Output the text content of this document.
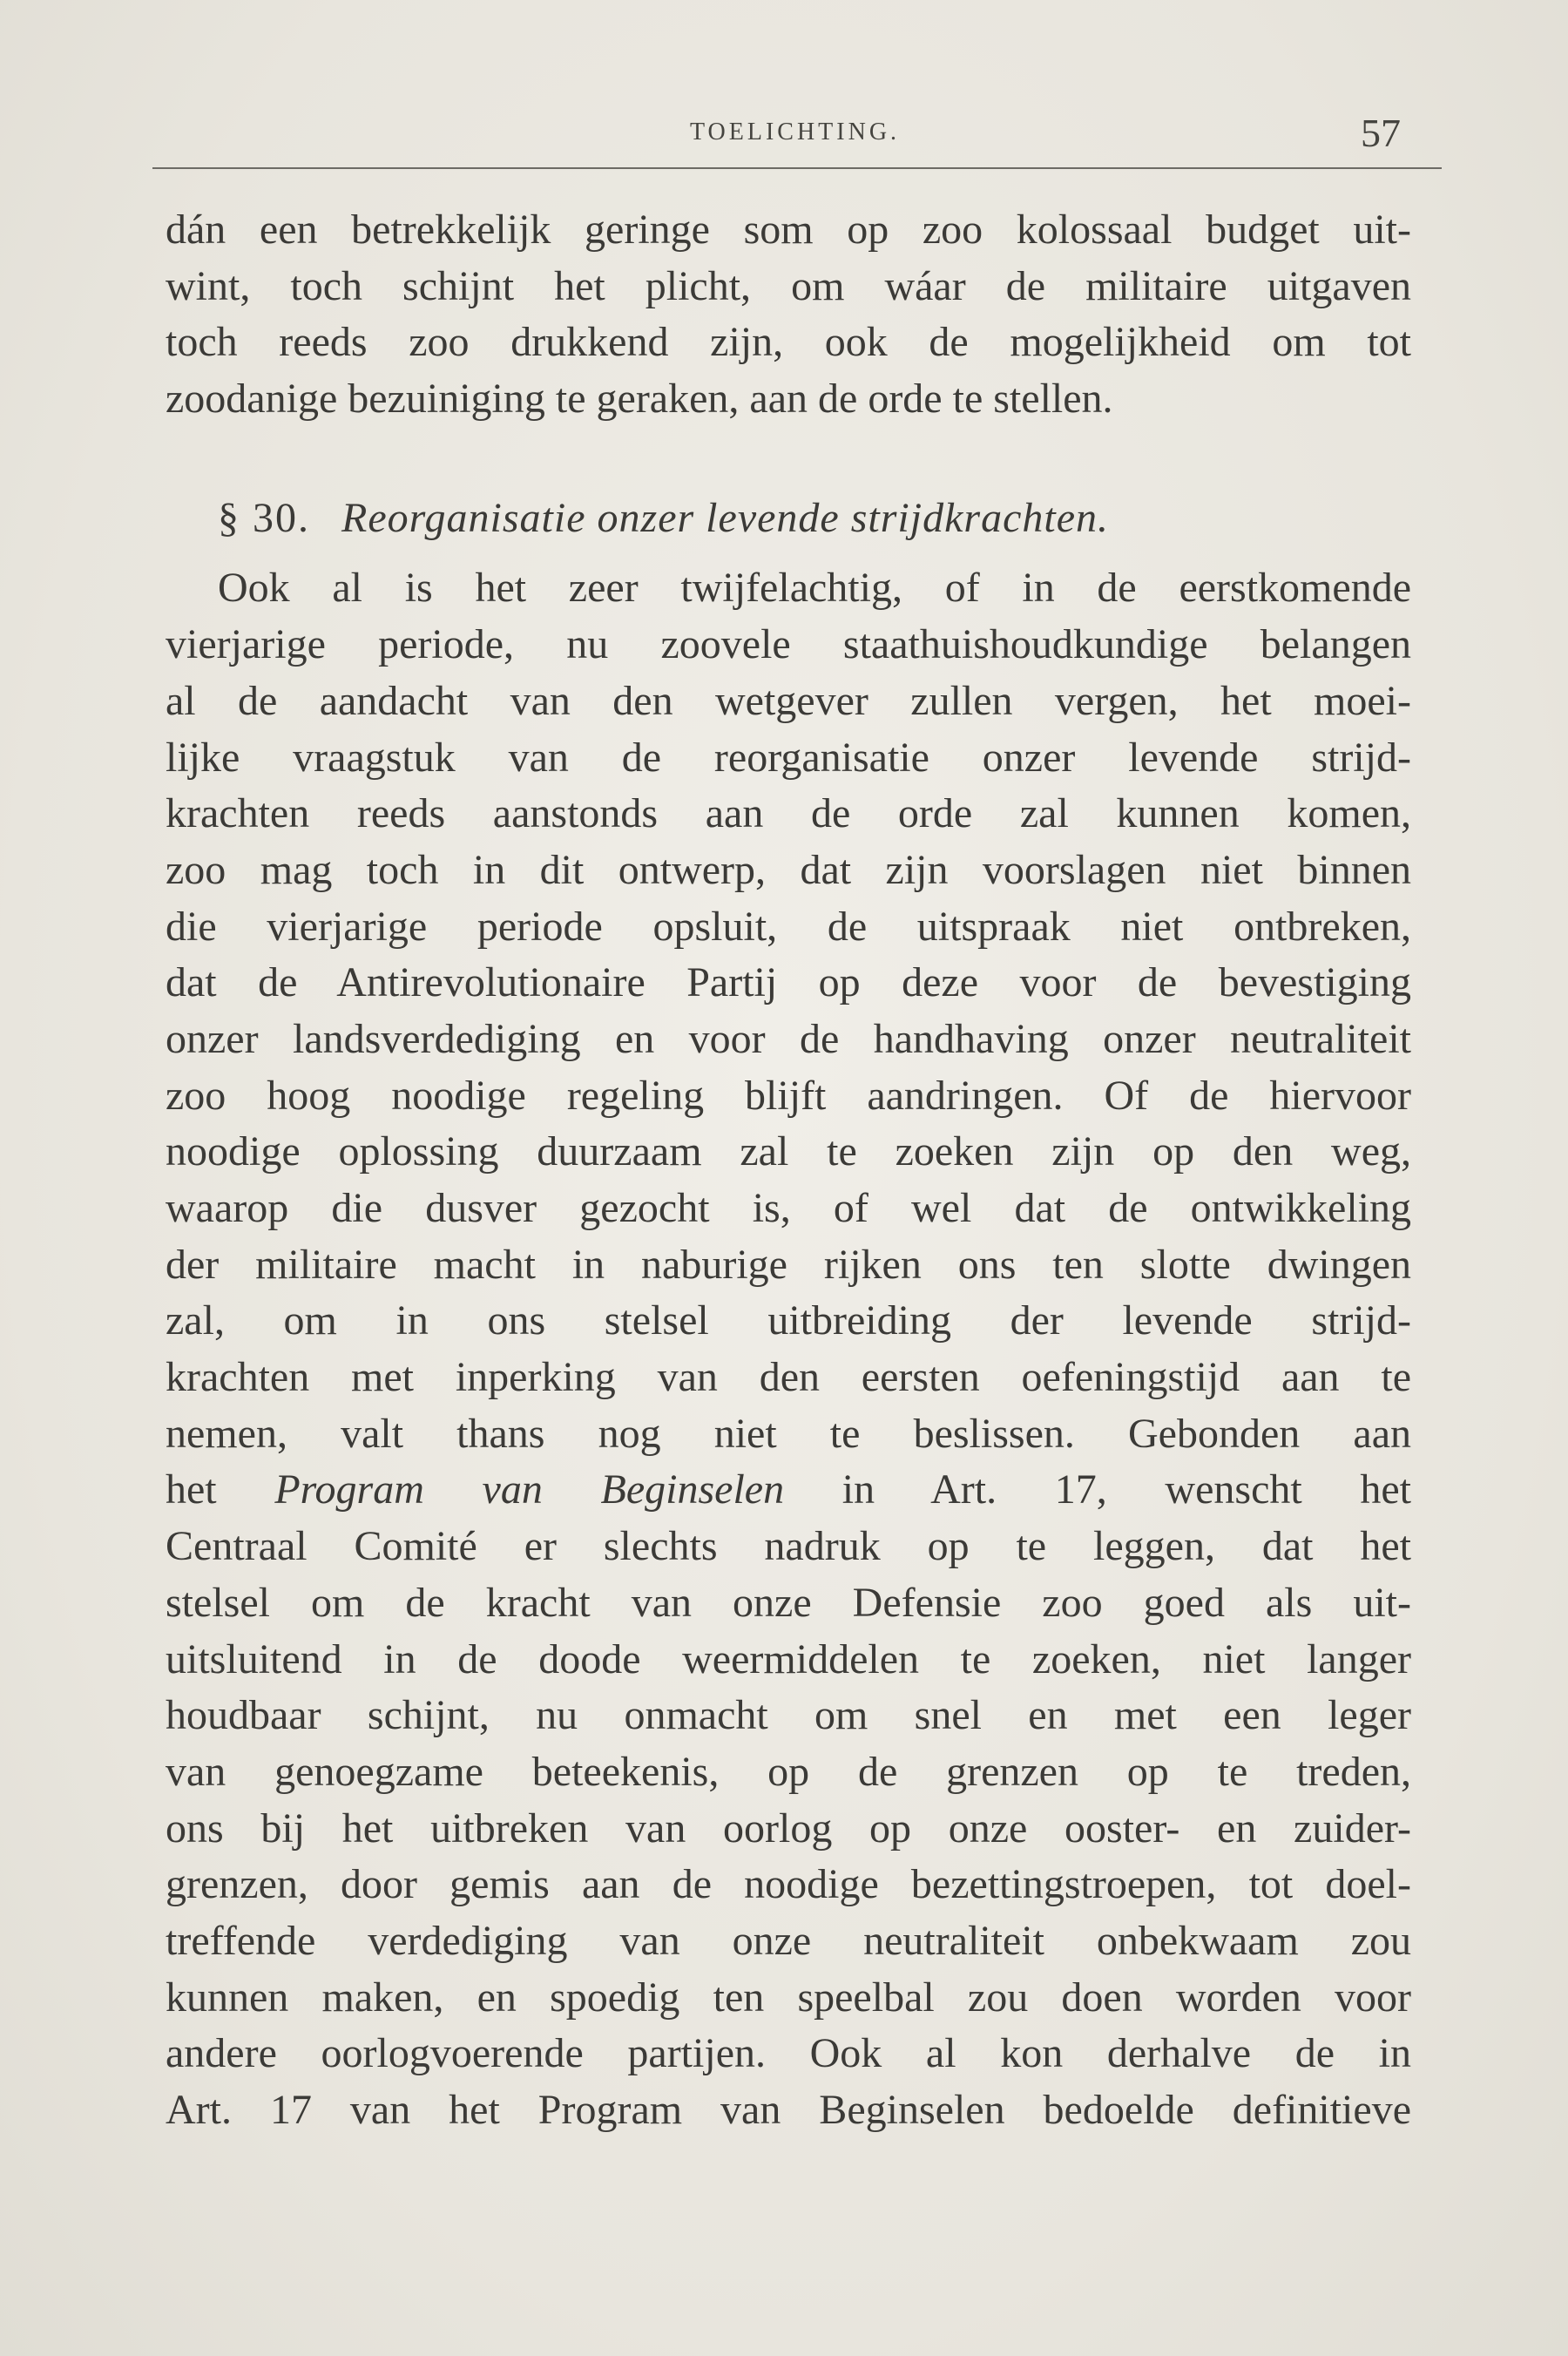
TOELICHTING.	57
dán een betrekkelijk geringe som op zoo kolossaal budget uit-
wint, toch schijnt het plicht, om wáar de militaire uitgaven
toch reeds zoo drukkend zijn, ook de mogelijkheid om tot
zoodanige bezuiniging te geraken, aan de orde te stellen.
§ 30. Reorganisatie onzer levende strijdkrachten.
Ook al is het zeer twijfelachtig, of in de eerstkomende
vierjarige periode, nu zoovele staathuishoudkundige belangen
al de aandacht van den wetgever zullen vergen, het moei-
lijke vraagstuk van de reorganisatie onzer levende strijd-
krachten reeds aanstonds aan de orde zal kunnen komen,
zoo mag toch in dit ontwerp, dat zijn voorslagen niet binnen
die vierjarige periode opsluit, de uitspraak niet ontbreken,
dat de Antirevolutionaire Partij op deze voor de bevestiging
onzer landsverdediging en voor de handhaving onzer neutraliteit
zoo hoog noodige regeling blijft aandringen. Of de hiervoor
noodige oplossing duurzaam zal te zoeken zijn op den weg,
waarop die dusver gezocht is, of wel dat de ontwikkeling
der militaire macht in naburige rijken ons ten slotte dwingen
zal, om in ons stelsel uitbreiding der levende strijd-
krachten met inperking van den eersten oefeningstijd aan te
nemen, valt thans nog niet te beslissen. Gebonden aan
het Program van Beginselen in Art. 17, wenscht het
Centraal Comité er slechts nadruk op te leggen, dat het
stelsel om de kracht van onze Defensie zoo goed als uit-
uitsluitend in de doode weermiddelen te zoeken, niet langer
houdbaar schijnt, nu onmacht om snel en met een leger
van genoegzame beteekenis, op de grenzen op te treden,
ons bij het uitbreken van oorlog op onze ooster- en zuider-
grenzen, door gemis aan de noodige bezettingstroepen, tot doel-
treffende verdediging van onze neutraliteit onbekwaam zou
kunnen maken, en spoedig ten speelbal zou doen worden voor
andere oorlogvoerende partijen. Ook al kon derhalve de in
Art. 17 van het Program van Beginselen bedoelde definitieve
